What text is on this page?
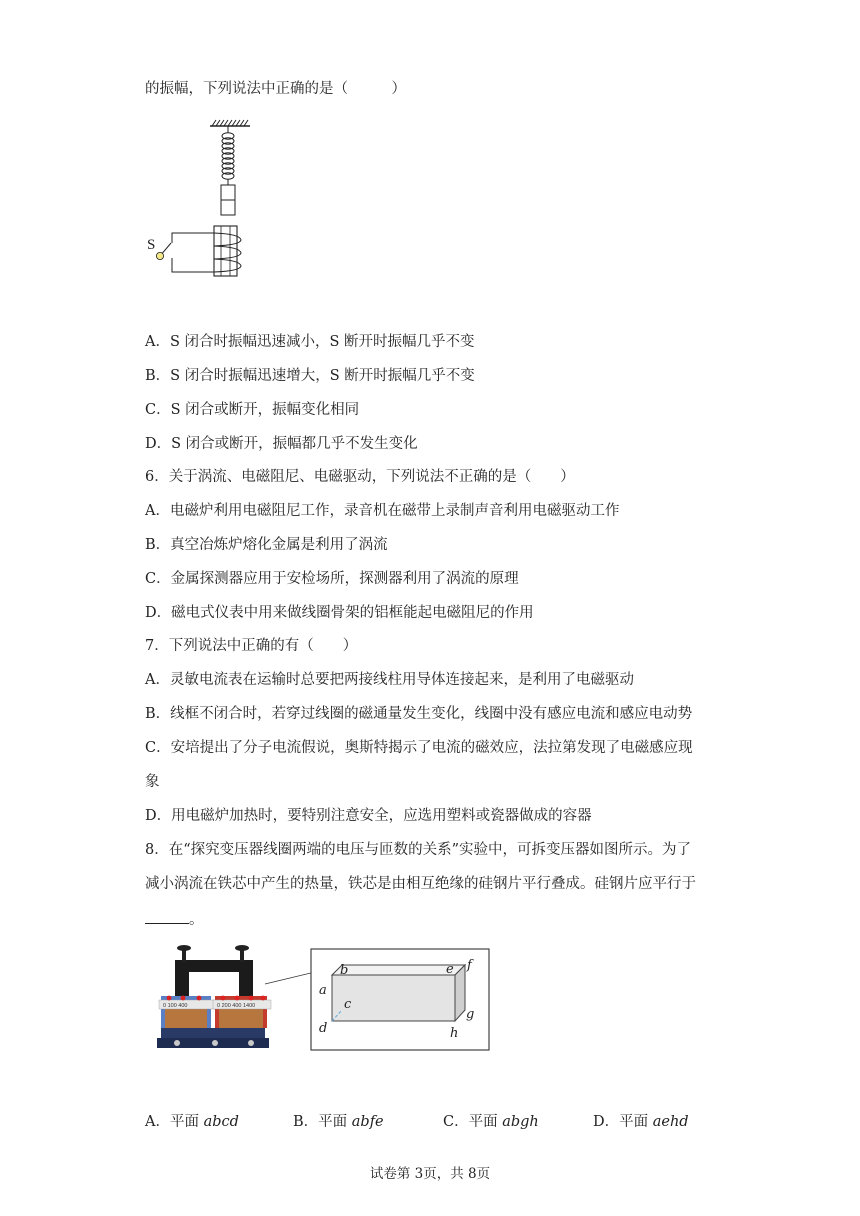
的振幅，下列说法中正确的是（　　　）
S
A．S 闭合时振幅迅速减小，S 断开时振幅几乎不变
B．S 闭合时振幅迅速增大，S 断开时振幅几乎不变
C．S 闭合或断开，振幅变化相同
D．S 闭合或断开，振幅都几乎不发生变化
6．关于涡流、电磁阻尼、电磁驱动，下列说法不正确的是（　　）
A．电磁炉利用电磁阻尼工作，录音机在磁带上录制声音利用电磁驱动工作
B．真空冶炼炉熔化金属是利用了涡流
C．金属探测器应用于安检场所，探测器利用了涡流的原理
D．磁电式仪表中用来做线圈骨架的铝框能起电磁阻尼的作用
7．下列说法中正确的有（　　）
A．灵敏电流表在运输时总要把两接线柱用导体连接起来，是利用了电磁驱动
B．线框不闭合时，若穿过线圈的磁通量发生变化，线圈中没有感应电流和感应电动势
C．安培提出了分子电流假说，奥斯特揭示了电流的磁效应，法拉第发现了电磁感应现
象
D．用电磁炉加热时，要特别注意安全，应选用塑料或瓷器做成的容器
8．在“探究变压器线圈两端的电压与匝数的关系”实验中，可拆变压器如图所示。为了
减小涡流在铁芯中产生的热量，铁芯是由相互绝缘的硅钢片平行叠成。硅钢片应平行于
。
0 100 400	0 200 400 1400
a
b
c
d
e f
g
h
A．平面 abcd	B．平面 abfe	C．平面 abgh	D．平面 aehd
试卷第 3页，共 8页
